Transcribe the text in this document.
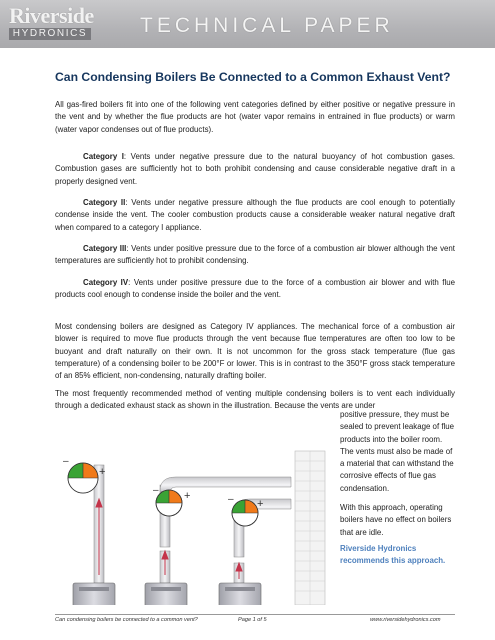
Riverside
HYDRONICS	TECHNICAL PAPER
Can Condensing Boilers Be Connected to a Common Exhaust Vent?

All gas-fired boilers fit into one of the following vent categories defined by either positive or negative pressure in the vent and by whether the flue products are hot (water vapor remains in entrained in flue products) or warm (water vapor condenses out of flue products).

Category I: Vents under negative pressure due to the natural buoyancy of hot combustion gases. Combustion gases are sufficiently hot to both prohibit condensing and cause considerable negative draft in a properly designed vent.

Category II: Vents under negative pressure although the flue products are cool enough to potentially condense inside the vent. The cooler combustion products cause a considerable weaker natural negative draft when compared to a category I appliance.

Category III: Vents under positive pressure due to the force of a combustion air blower although the vent temperatures are sufficiently hot to prohibit condensing.

Category IV: Vents under positive pressure due to the force of a combustion air blower and with flue products cool enough to condense inside the boiler and the vent.

Most condensing boilers are designed as Category IV appliances. The mechanical force of a combustion air blower is required to move flue products through the vent because flue temperatures are often too low to be buoyant and draft naturally on their own. It is not uncommon for the gross stack temperature (flue gas temperature) of a condensing boiler to be 200°F or lower. This is in contrast to the 350°F gross stack temperature of an 85% efficient, non-condensing, naturally drafting boiler.

The most frequently recommended method of venting multiple condensing boilers is to vent each individually through a dedicated exhaust stack as shown in the illustration. Because the vents are under

positive pressure, they must be sealed to prevent leakage of flue products into the boiler room. The vents must also be made of a material that can withstand the corrosive effects of flue gas condensation.

With this approach, operating boilers have no effect on boilers that are idle.

Riverside Hydronics recommends this approach.

–
+
– +	– +
Can condensing boilers be connected to a common vent?	Page 1 of 5	www.riversidehydronics.com
